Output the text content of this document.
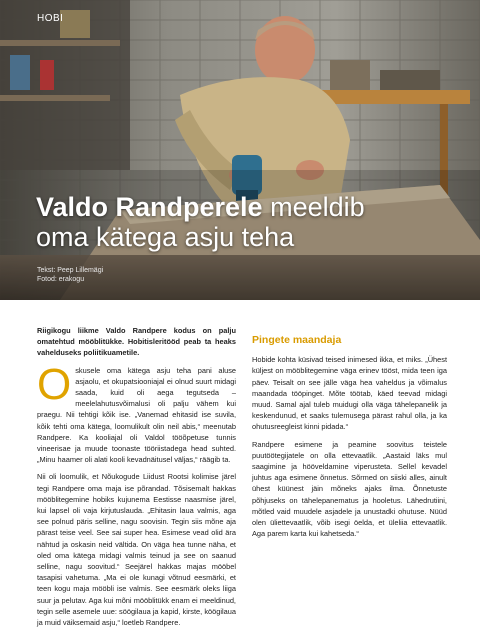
HOBI
Valdo Randperele meeldib
oma kätega asju teha
Tekst: Peep Lillemägi
Fotod: erakogu

Riigikogu liikme Valdo Randpere kodus on palju omatehtud mööblitükke. Hobitisleritööd peab ta heaks vahelduseks poliitikuametile.

Oskusele oma kätega asju teha pani aluse asjaolu, et okupatsiooniajal ei olnud suurt midagi saada, kuid oli aega tegutseda – meelelahutusvõimalusi oli palju vähem kui praegu. Nii tehtigi kõik ise. „Vanemad ehitasid ise suvila, kõik tehti oma kätega, loomulikult olin neil abis,“ meenutab Randpere. Ka kooliajal oli Valdol tööõpetuse tunnis vineerisae ja muude toonaste tööriistadega head suhted. „Minu haamer oli alati kooli kevadnäitusel väljas,“ räägib ta.

Nii oli loomulik, et Nõukogude Liidust Rootsi kolimise järel tegi Randpere oma maja ise põrandad. Tõsisemalt hakkas mööblitegemine hobiks kujunema Eestisse naasmise järel, kui lapsel oli vaja kirjutuslauda. „Ehitasin laua valmis, aga see polnud päris selline, nagu soovisin. Tegin siis mõne aja pärast teise veel. See sai super hea. Esimese vead olid ära nähtud ja oskasin neid vältida. On väga hea tunne näha, et oled oma kätega midagi valmis teinud ja see on saanud selline, nagu soovitud.“ Seejärel hakkas majas mööbel tasapisi vahetuma. „Ma ei ole kunagi võtnud eesmärki, et teen kogu maja mööbli ise valmis. See eesmärk oleks liiga suur ja pelutav. Aga kui mõni mööblitükk enam ei meeldinud, tegin selle asemele uue: söögilaua ja kapid, kirste, köögilaua ja muid väiksemaid asju,“ loetleb Randpere.

Pingete maandaja

Hobide kohta küsivad teised inimesed ikka, et miks. „Ühest küljest on mööblitegemine väga erinev tööst, mida teen iga päev. Teisalt on see jälle väga hea vaheldus ja võimalus maandada tööpinget. Mõte töötab, käed teevad midagi muud. Samal ajal tuleb muidugi olla väga tähelepanelik ja keskendunud, et saaks tulemusega pärast rahul olla, ja ka ohutusreegleist kinni pidada.“

Randpere esimene ja peamine soovitus teistele puutöötegijatele on olla ettevaatlik. „Aastaid läks mul saagimine ja hööveldamine viperusteta. Sellel kevadel juhtus aga esimene õnnetus. Sõrmed on siiski alles, ainult ühest küünest jäin mõneks ajaks ilma. Õnnetuste põhjuseks on tähelepanematus ja hooletus. Lähedrutiini, mõtled vaid muudele asjadele ja unustadki ohutuse. Nüüd olen üliettevaatlik, võib isegi öelda, et üleliia ettevaatlik. Aga parem karta kui kahetseda.“
